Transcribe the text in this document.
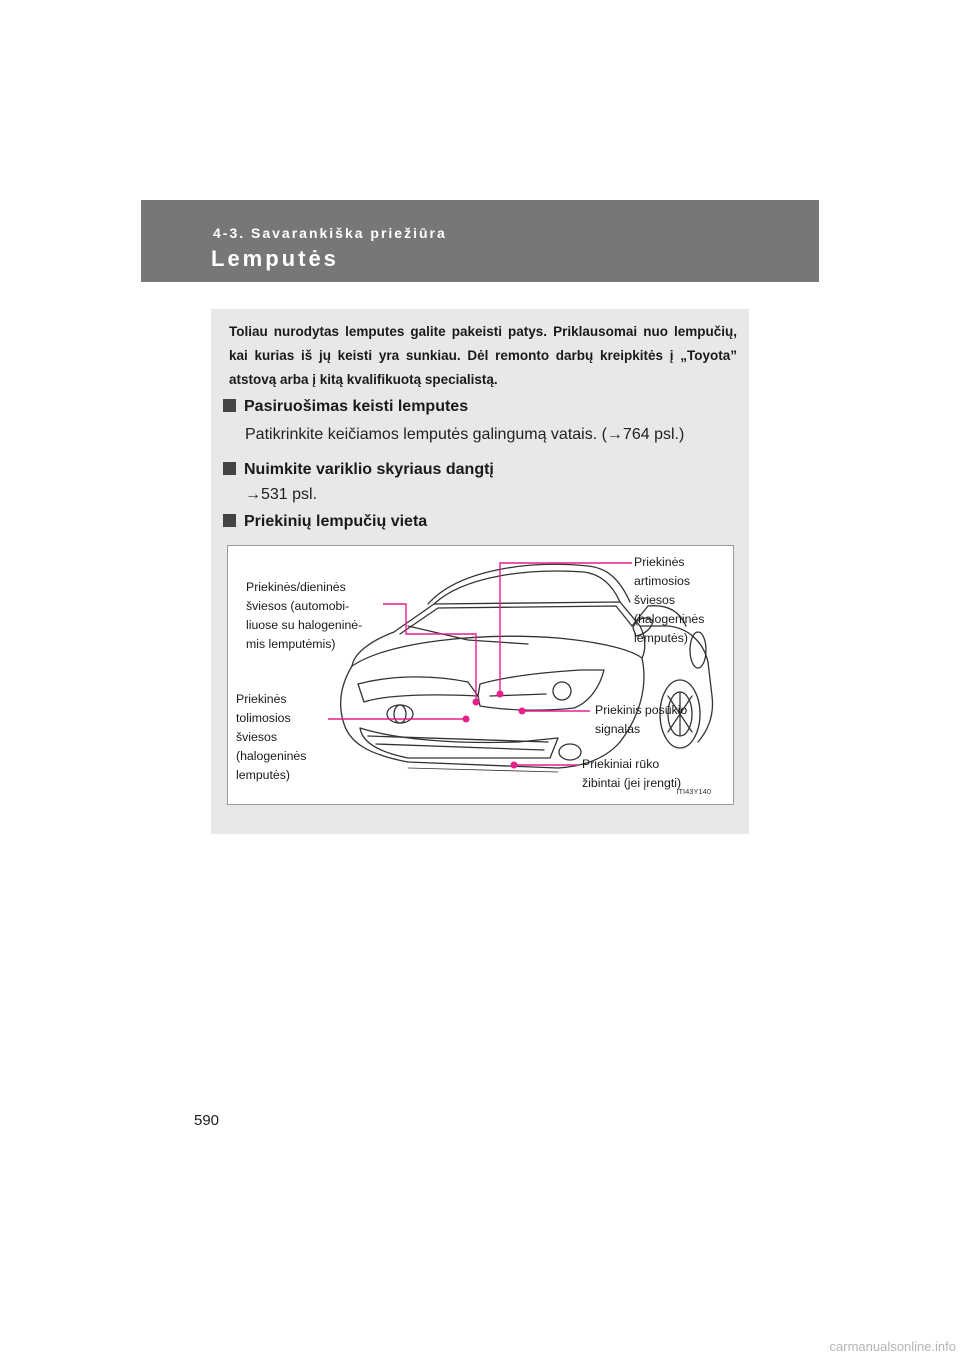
4-3. Savarankiška priežiūra
Lemputės
Toliau nurodytas lemputes galite pakeisti patys. Priklausomai nuo lempučių, kai kurias iš jų keisti yra sunkiau. Dėl remonto darbų kreipkitės į „Toyota” atstovą arba į kitą kvalifikuotą specialistą.
Pasiruošimas keisti lemputes
Patikrinkite keičiamos lemputės galingumą vatais. (→764 psl.)
Nuimkite variklio skyriaus dangtį
→531 psl.
Priekinių lempučių vieta
Priekinės/dieninės
šviesos (automobi-
liuose su halogeninė-
mis lemputėmis)
Priekinės
artimosios
šviesos
(halogeninės
lemputės)
Priekinės
tolimosios
šviesos
(halogeninės
lemputės)
Priekinis posūkio
signalas
Priekiniai rūko
žibintai (jei įrengti)
ITI43Y140
590
carmanualsonline.info
